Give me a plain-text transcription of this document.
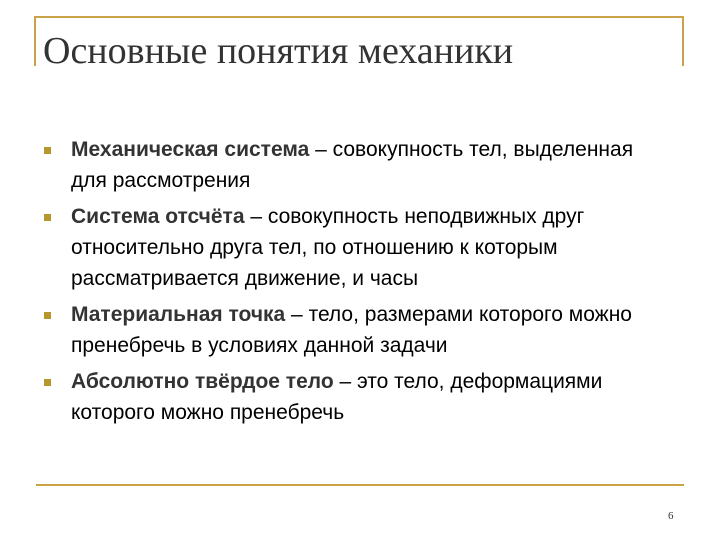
Основные понятия механики
Механическая система – совокупность тел, выделенная для рассмотрения
Система отсчёта – совокупность неподвижных друг относительно друга тел, по отношению к которым рассматривается движение, и часы
Материальная точка – тело, размерами которого можно пренебречь в условиях данной задачи
Абсолютно твёрдое тело – это тело, деформациями которого можно пренебречь
6
